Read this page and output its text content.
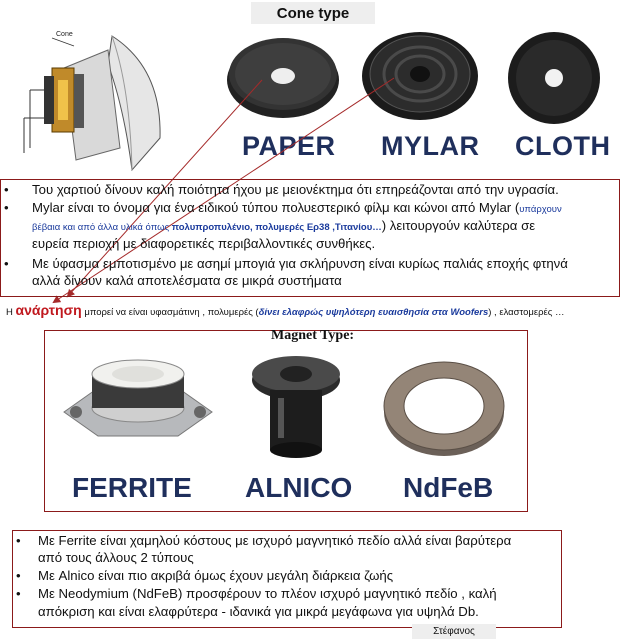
Cone type
Cone
PAPER MYLAR CLOTH
• Του χαρτιού δίνουν καλή ποιότητα ήχου με μειονέκτημα ότι επηρεάζονται από την υγρασία.
• Mylar είναι το όνομα για ένα ειδικού τύπου πολυεστερικό φίλμ και κώνοι από Mylar (υπάρχουν
βέβαια και από άλλα υλικά όπως πολυπροπυλένιο, πολυμερές Ερ38 ,Τιτανίου…) λειτουργούν καλύτερα σε
ευρεία περιοχή με διαφορετικές περιβαλλοντικές συνθήκες.
• Με ύφασμα εμποτισμένο με ασημί μπογιά για σκλήρυνση είναι κυρίως παλιάς εποχής φτηνά
αλλά δίνουν καλά αποτελέσματα σε μικρά συστήματα
Η ανάρτηση μπορεί να είναι υφασμάτινη , πολυμερές (δίνει ελαφρώς υψηλότερη ευαισθησία στα Woofers) , ελαστομερές …
Magnet Type:
FERRITE ALNICO NdFeB
• Με Ferrite είναι χαμηλού κόστους με ισχυρό μαγνητικό πεδίο αλλά είναι βαρύτερα
από τους άλλους 2 τύπους
• Με Alnico είναι πιο ακριβά όμως έχουν μεγάλη διάρκεια ζωής
• Με Neodymium (NdFeB) προσφέρουν το πλέον ισχυρό μαγνητικό πεδίο , καλή
απόκριση και είναι ελαφρύτερα - ιδανικά για μικρά μεγάφωνα για υψηλά Db.
Στέφανος
